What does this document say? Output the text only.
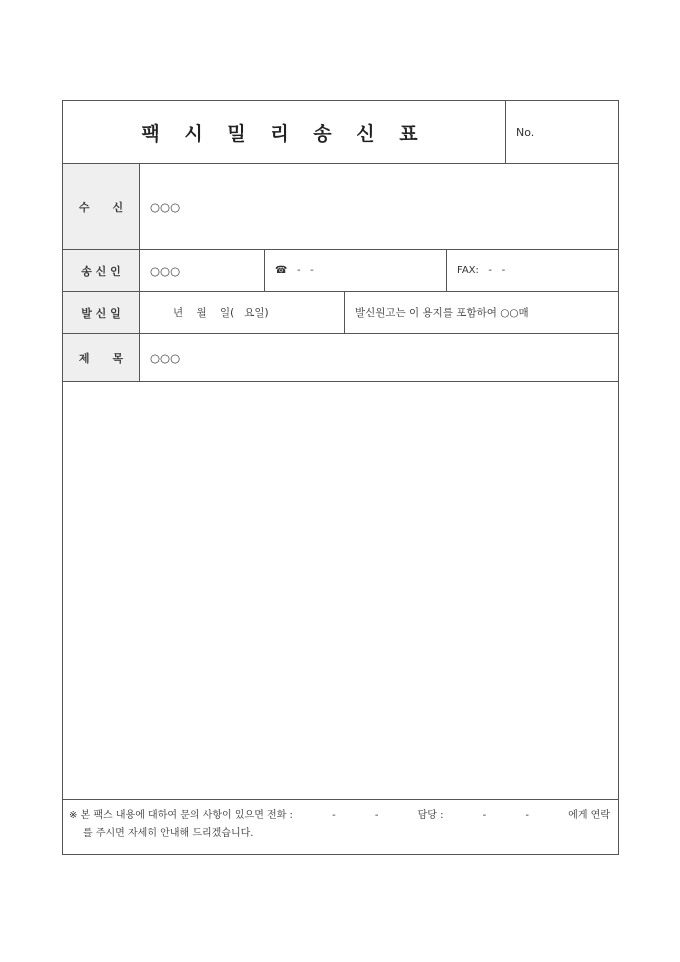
팩 시 밀 리 송 신 표	No.
수      신	○○○
송 신 인	○○○	☎   -   -	FAX:   -   -
발 신 일	년    월    일(   요일)	발신원고는 이 용지를 포함하여 ○○매
제      목	○○○
※ 본 팩스 내용에 대하여 문의 사항이 있으면 전화 :	-	-	담당 :	-	-	에게 연락
를 주시면 자세히 안내해 드리겠습니다.
